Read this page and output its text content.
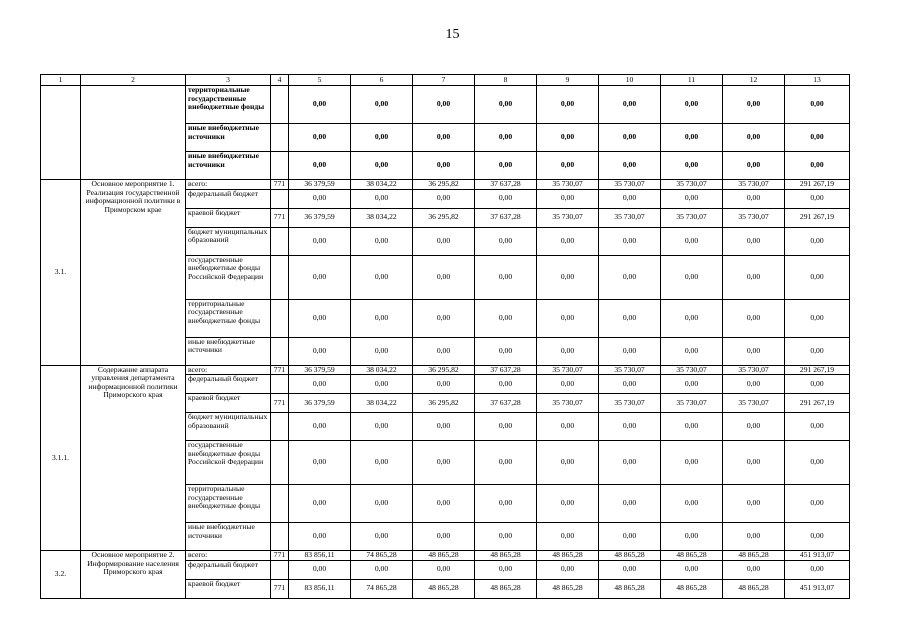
15
1	2	3	4	5	6	7	8	9	10	11	12	13
		территориальные государственные внебюджетные фонды		0,00	0,00	0,00	0,00	0,00	0,00	0,00	0,00	0,00
		иные внебюджетные источники		0,00	0,00	0,00	0,00	0,00	0,00	0,00	0,00	0,00
		иные внебюджетные источники		0,00	0,00	0,00	0,00	0,00	0,00	0,00	0,00	0,00
3.1.	Основное мероприятие 1. Реализация государственной информационной политики в Приморском крае	всего:	771	36 379,59	38 034,22	36 295,82	37 637,28	35 730,07	35 730,07	35 730,07	35 730,07	291 267,19
		федеральный бюджет		0,00	0,00	0,00	0,00	0,00	0,00	0,00	0,00	0,00
		краевой бюджет	771	36 379,59	38 034,22	36 295,82	37 637,28	35 730,07	35 730,07	35 730,07	35 730,07	291 267,19
		бюджет муниципальных образований		0,00	0,00	0,00	0,00	0,00	0,00	0,00	0,00	0,00
		государственные внебюджетные фонды Российской Федерации		0,00	0,00	0,00	0,00	0,00	0,00	0,00	0,00	0,00
		территориальные государственные внебюджетные фонды		0,00	0,00	0,00	0,00	0,00	0,00	0,00	0,00	0,00
		иные внебюджетные источники		0,00	0,00	0,00	0,00	0,00	0,00	0,00	0,00	0,00
3.1.1.	Содержание аппарата управления департамента информационной политики Приморского края	всего:	771	36 379,59	38 034,22	36 295,82	37 637,28	35 730,07	35 730,07	35 730,07	35 730,07	291 267,19
		федеральный бюджет		0,00	0,00	0,00	0,00	0,00	0,00	0,00	0,00	0,00
		краевой бюджет	771	36 379,59	38 034,22	36 295,82	37 637,28	35 730,07	35 730,07	35 730,07	35 730,07	291 267,19
		бюджет муниципальных образований		0,00	0,00	0,00	0,00	0,00	0,00	0,00	0,00	0,00
		государственные внебюджетные фонды Российской Федерации		0,00	0,00	0,00	0,00	0,00	0,00	0,00	0,00	0,00
		территориальные государственные внебюджетные фонды		0,00	0,00	0,00	0,00	0,00	0,00	0,00	0,00	0,00
		иные внебюджетные источники		0,00	0,00	0,00	0,00	0,00	0,00	0,00	0,00	0,00
3.2.	Основное мероприятие 2. Информирование населения Приморского края	всего:	771	83 856,11	74 865,28	48 865,28	48 865,28	48 865,28	48 865,28	48 865,28	48 865,28	451 913,07
		федеральный бюджет		0,00	0,00	0,00	0,00	0,00	0,00	0,00	0,00	0,00
		краевой бюджет	771	83 856,11	74 865,28	48 865,28	48 865,28	48 865,28	48 865,28	48 865,28	48 865,28	451 913,07
